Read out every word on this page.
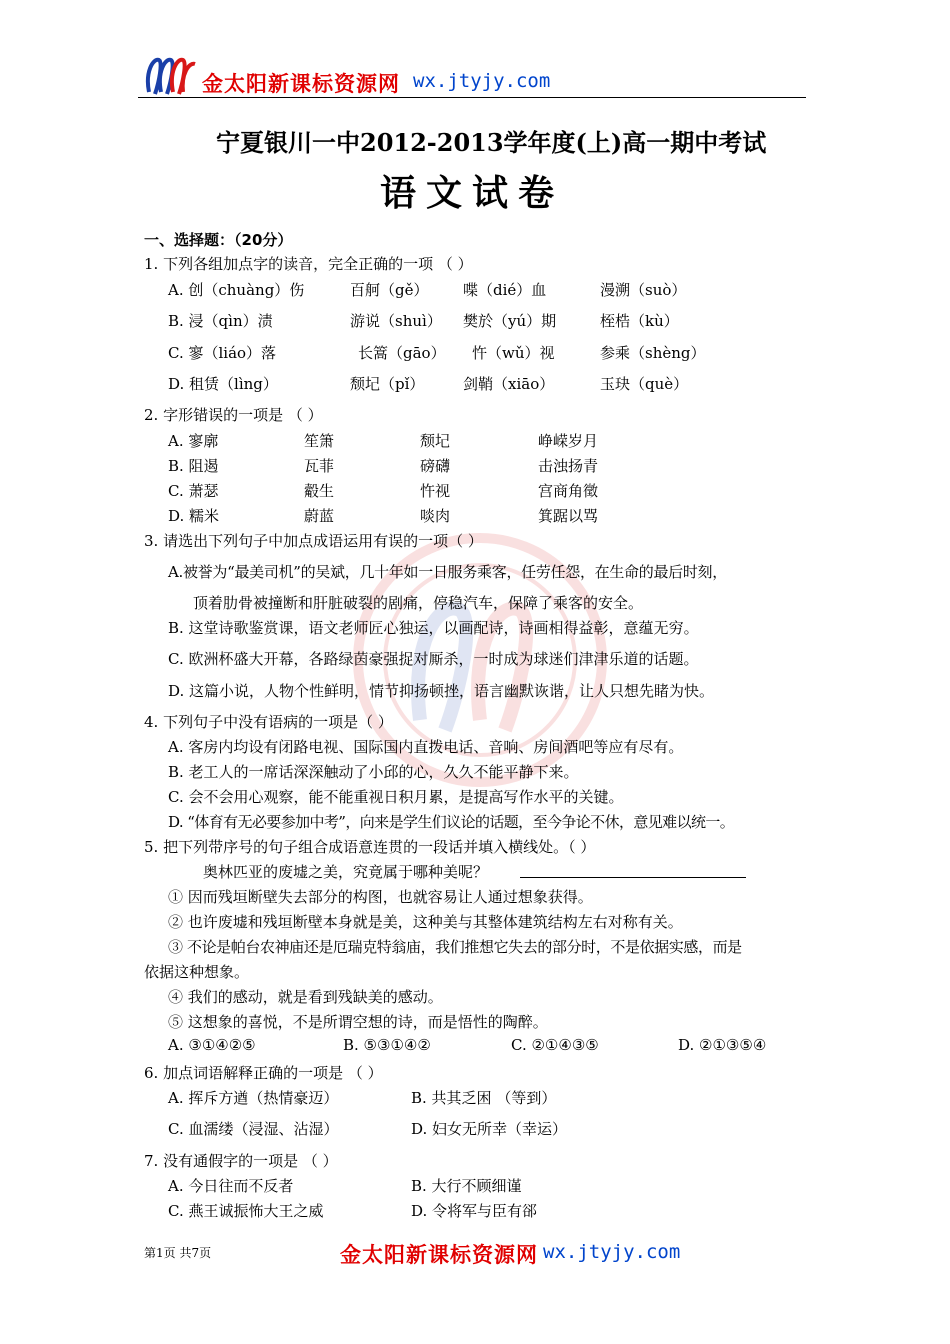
金太阳新课标资源网 wx.jtyjy.com
宁夏银川一中2012-2013学年度(上)高一期中考试
语文试卷
一、选择题：（20分）
1. 下列各组加点字的读音，完全正确的一项 （ ）
A. 创（chuàng）伤	百舸（gě） 喋（dié）血	漫溯（suò）
B. 浸（qìn）渍	游说（shuì） 樊於（yú）期	桎梏（kù）
C. 寥（liáo）落	长篙（gāo） 忤（wǔ）视	参乘（shèng）
D. 租赁（lìng）	颓圮（pǐ）	剑鞘（xiāo）	玉玦（què）
2. 字形错误的一项是 （ ）
A. 寥廓	笙箫	颓圮	峥嵘岁月
B. 阻遏	瓦菲	磅礴	击浊扬青
C. 萧瑟	觳生	忤视	宫商角徵
D. 糯米	蔚蓝	啖肉	箕踞以骂
3. 请选出下列句子中加点成语运用有误的一项（ ）
A.被誉为“最美司机”的吴斌，几十年如一日服务乘客，任劳任怨，在生命的最后时刻，
顶着肋骨被撞断和肝脏破裂的剧痛，停稳汽车，保障了乘客的安全。
B. 这堂诗歌鉴赏课，语文老师匠心独运，以画配诗，诗画相得益彰，意蕴无穷。
C. 欧洲杯盛大开幕，各路绿茵豪强捉对厮杀，一时成为球迷们津津乐道的话题。
D. 这篇小说，人物个性鲜明，情节抑扬顿挫，语言幽默诙谐，让人只想先睹为快。
4. 下列句子中没有语病的一项是（ ）
A. 客房内均设有闭路电视、国际国内直拨电话、音响、房间酒吧等应有尽有。
B. 老工人的一席话深深触动了小邱的心，久久不能平静下来。
C. 会不会用心观察，能不能重视日积月累，是提高写作水平的关键。
D. “体育有无必要参加中考”，向来是学生们议论的话题，至今争论不休，意见难以统一。
5. 把下列带序号的句子组合成语意连贯的一段话并填入横线处。（ ）
奥林匹亚的废墟之美，究竟属于哪种美呢？
① 因而残垣断壁失去部分的构图，也就容易让人通过想象获得。
② 也许废墟和残垣断壁本身就是美，这种美与其整体建筑结构左右对称有关。
③ 不论是帕台农神庙还是厄瑞克特翁庙，我们推想它失去的部分时，不是依据实感，而是
依据这种想象。
④ 我们的感动，就是看到残缺美的感动。
⑤ 这想象的喜悦，不是所谓空想的诗，而是悟性的陶醉。
A. ③①④②⑤	B. ⑤③①④②	C. ②①④③⑤	D. ②①③⑤④
6. 加点词语解释正确的一项是 （ ）
A. 挥斥方遒（热情豪迈）	B. 共其乏困 （等到）
C. 血濡缕（浸湿、沾湿）	D. 妇女无所幸（幸运）
7. 没有通假字的一项是 （ ）
A. 今日往而不反者	B. 大行不顾细谨
C. 燕王诚振怖大王之威	D. 令将军与臣有郤
第1页 共7页	金太阳新课标资源网 wx.jtyjy.com
